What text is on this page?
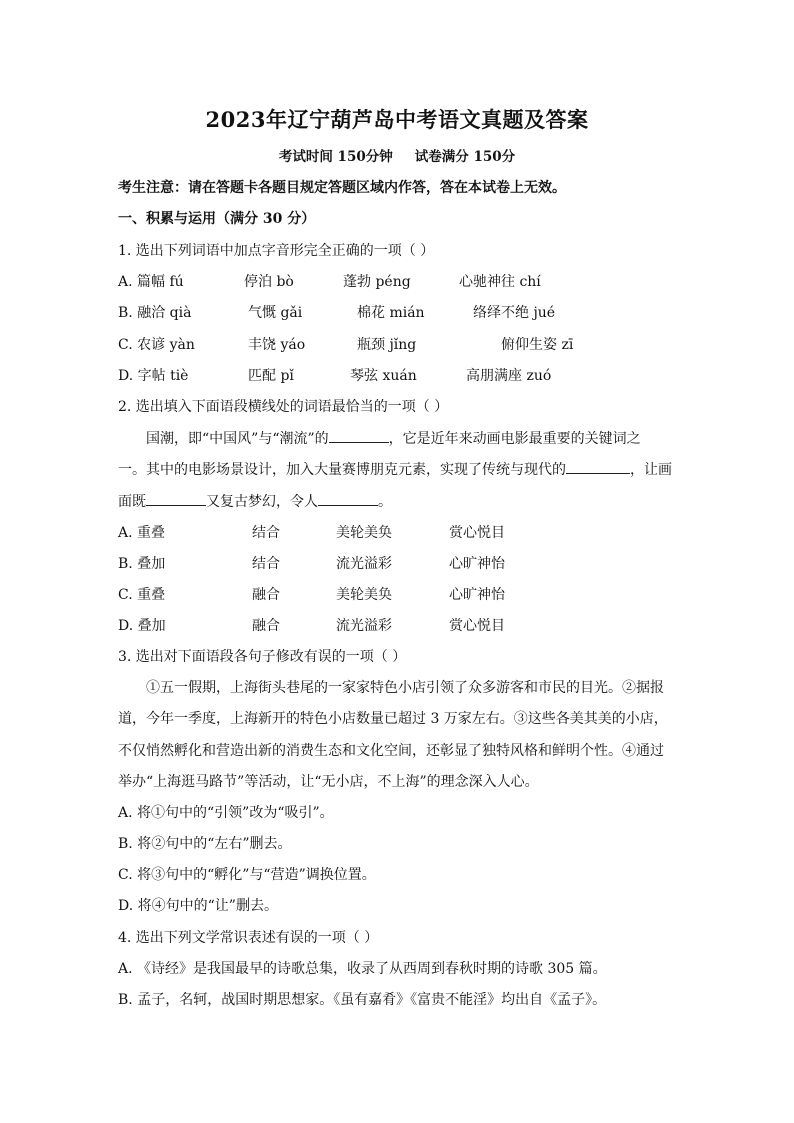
2023年辽宁葫芦岛中考语文真题及答案
考试时间 150分钟 试卷满分 150分
考生注意：请在答题卡各题目规定答题区域内作答，答在本试卷上无效。
一、积累与运用（满分 30 分）
1. 选出下列词语中加点字音形完全正确的一项（ ）
A. 篇幅 fú	停泊 bò	蓬勃 péng	心驰神往 chí
B. 融洽 qià	气慨 gǎi	棉花 mián	络绎不绝 jué
C. 农谚 yàn	丰饶 yáo	瓶颈 jǐng	俯仰生姿 zī
D. 字帖 tiè	匹配 pǐ	琴弦 xuán	高朋满座 zuó
2. 选出填入下面语段横线处的词语最恰当的一项（ ）
国潮，即“中国风”与“潮流”的	，它是近年来动画电影最重要的关键词之
一。其中的电影场景设计，加入大量赛博朋克元素，实现了传统与现代的	，让画
面既	又复古梦幻，令人	。
A. 重叠	结合	美轮美奂	赏心悦目
B. 叠加	结合	流光溢彩	心旷神怡
C. 重叠	融合	美轮美奂	心旷神怡
D. 叠加	融合	流光溢彩	赏心悦目
3. 选出对下面语段各句子修改有误的一项（ ）
①五一假期，上海街头巷尾的一家家特色小店引领了众多游客和市民的目光。②据报
道，今年一季度，上海新开的特色小店数量已超过 3 万家左右。③这些各美其美的小店，
不仅悄然孵化和营造出新的消费生态和文化空间，还彰显了独特风格和鲜明个性。④通过
举办“上海逛马路节”等活动，让“无小店，不上海”的理念深入人心。
A. 将①句中的“引领”改为“吸引”。
B. 将②句中的“左右”删去。
C. 将③句中的“孵化”与“营造”调换位置。
D. 将④句中的“让”删去。
4. 选出下列文学常识表述有误的一项（ ）
A. 《诗经》是我国最早的诗歌总集，收录了从西周到春秋时期的诗歌 305 篇。
B. 孟子，名轲，战国时期思想家。《虽有嘉肴》《富贵不能淫》均出自《孟子》。
